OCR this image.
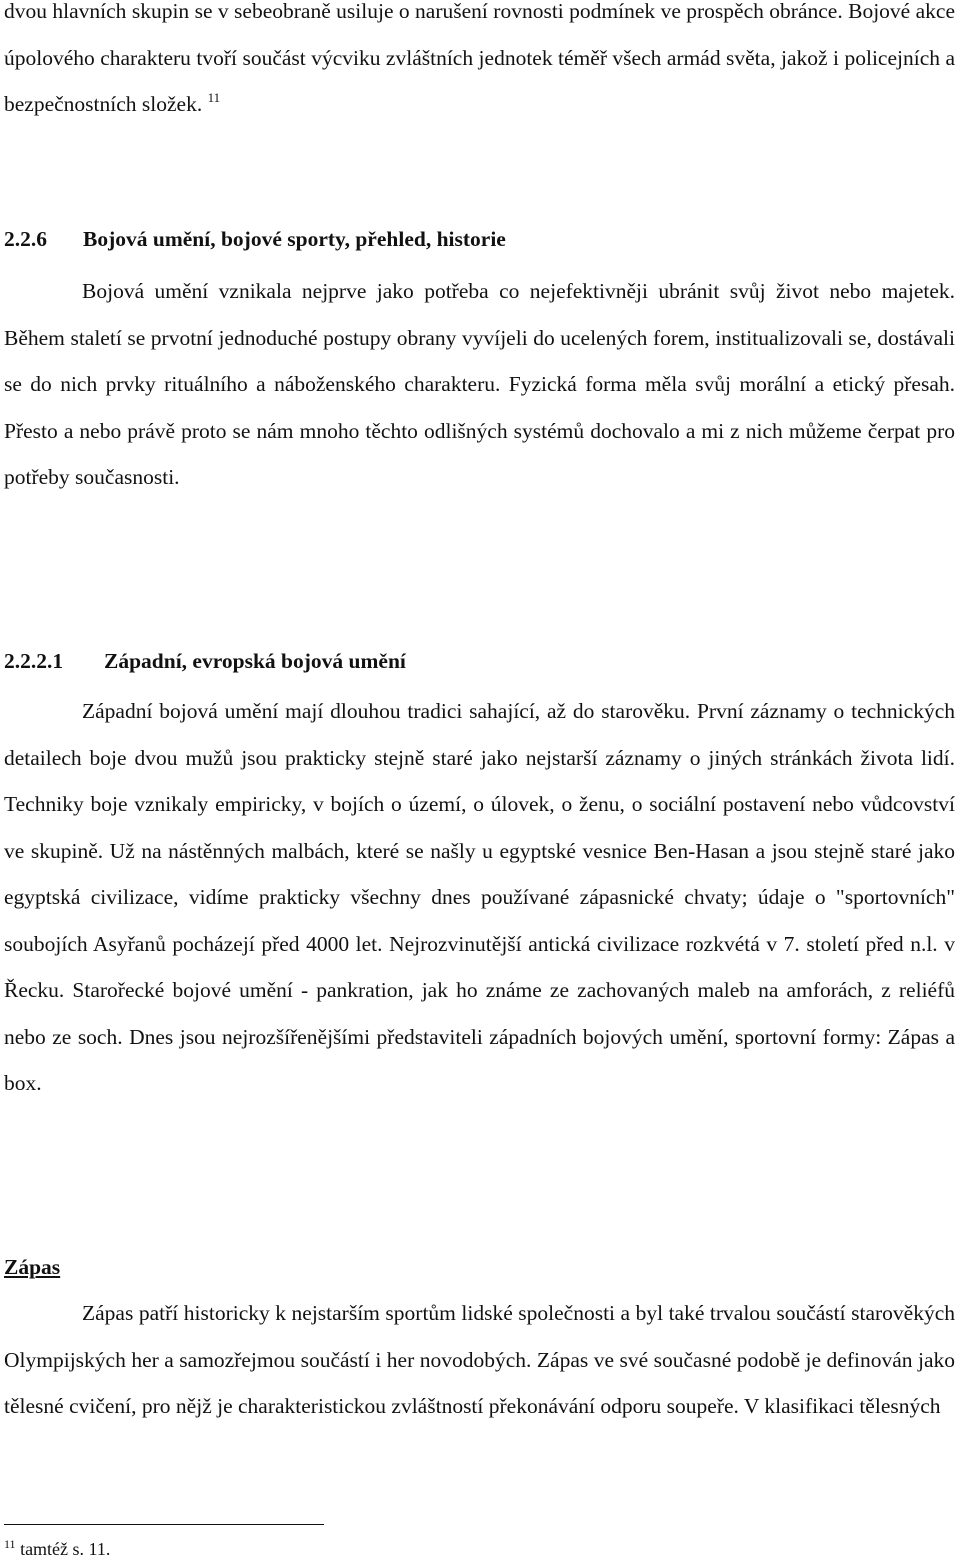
dvou hlavních skupin se v sebeobraně usiluje o narušení rovnosti podmínek ve prospěch obránce. Bojové akce úpolového charakteru tvoří součást výcviku zvláštních jednotek téměř všech armád světa, jakož i policejních a bezpečnostních složek. $^{11}$

2.2.6 Bojová umění, bojové sporty, přehled, historie

Bojová umění vznikala nejprve jako potřeba co nejefektivněji ubránit svůj život nebo majetek. Během staletí se prvotní jednoduché postupy obrany vyvíjeli do ucelených forem, institualizovali se, dostávali se do nich prvky rituálního a náboženského charakteru. Fyzická forma měla svůj morální a etický přesah. Přesto a nebo právě proto se nám mnoho těchto odlišných systémů dochovalo a mi z nich můžeme čerpat pro potřeby současnosti.

2.2.2.1 Západní, evropská bojová umění

Západní bojová umění mají dlouhou tradici sahající, až do starověku. První záznamy o technických detailech boje dvou mužů jsou prakticky stejně staré jako nejstarší záznamy o jiných stránkách života lidí. Techniky boje vznikaly empiricky, v bojích o území, o úlovek, o ženu, o sociální postavení nebo vůdcovství ve skupině. Už na nástěnných malbách, které se našly u egyptské vesnice Ben-Hasan a jsou stejně staré jako egyptská civilizace, vidíme prakticky všechny dnes používané zápasnické chvaty; údaje o "sportovních" soubojích Asyřanů pocházejí před 4000 let. Nejrozvinutější antická civilizace rozkvétá v 7. století před n.l. v Řecku. Starořecké bojové umění - pankration, jak ho známe ze zachovaných maleb na amforách, z reliéfů nebo ze soch. Dnes jsou nejrozšířenějšími představiteli západních bojových umění, sportovní formy: Zápas a box.

Zápas

Zápas patří historicky k nejstarším sportům lidské společnosti a byl také trvalou součástí starověkých Olympijských her a samozřejmou součástí i her novodobých. Zápas ve své současné podobě je definován jako tělesné cvičení, pro nějž je charakteristickou zvláštností překonávání odporu soupeře. V klasifikaci tělesných

$^{11}$ tamtéž s. 11.
